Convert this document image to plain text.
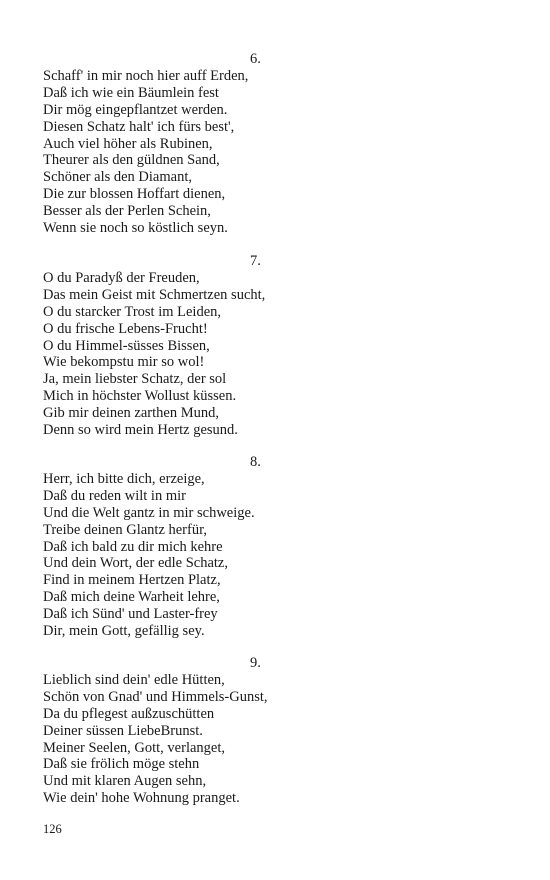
6.
Schaff' in mir noch hier auff Erden,
Daß ich wie ein Bäumlein fest
Dir mög eingepflantzet werden.
Diesen Schatz halt' ich fürs best',
Auch viel höher als Rubinen,
Theurer als den güldnen Sand,
Schöner als den Diamant,
Die zur blossen Hoffart dienen,
Besser als der Perlen Schein,
Wenn sie noch so köstlich seyn.
7.
O du Paradyß der Freuden,
Das mein Geist mit Schmertzen sucht,
O du starcker Trost im Leiden,
O du frische Lebens-Frucht!
O du Himmel-süsses Bissen,
Wie bekompstu mir so wol!
Ja, mein liebster Schatz, der sol
Mich in höchster Wollust küssen.
Gib mir deinen zarthen Mund,
Denn so wird mein Hertz gesund.
8.
Herr, ich bitte dich, erzeige,
Daß du reden wilt in mir
Und die Welt gantz in mir schweige.
Treibe deinen Glantz herfür,
Daß ich bald zu dir mich kehre
Und dein Wort, der edle Schatz,
Find in meinem Hertzen Platz,
Daß mich deine Warheit lehre,
Daß ich Sünd' und Laster-frey
Dir, mein Gott, gefällig sey.
9.
Lieblich sind dein' edle Hütten,
Schön von Gnad' und Himmels-Gunst,
Da du pflegest außzuschütten
Deiner süssen LiebeBrunst.
Meiner Seelen, Gott, verlanget,
Daß sie frölich möge stehn
Und mit klaren Augen sehn,
Wie dein' hohe Wohnung pranget.
126
